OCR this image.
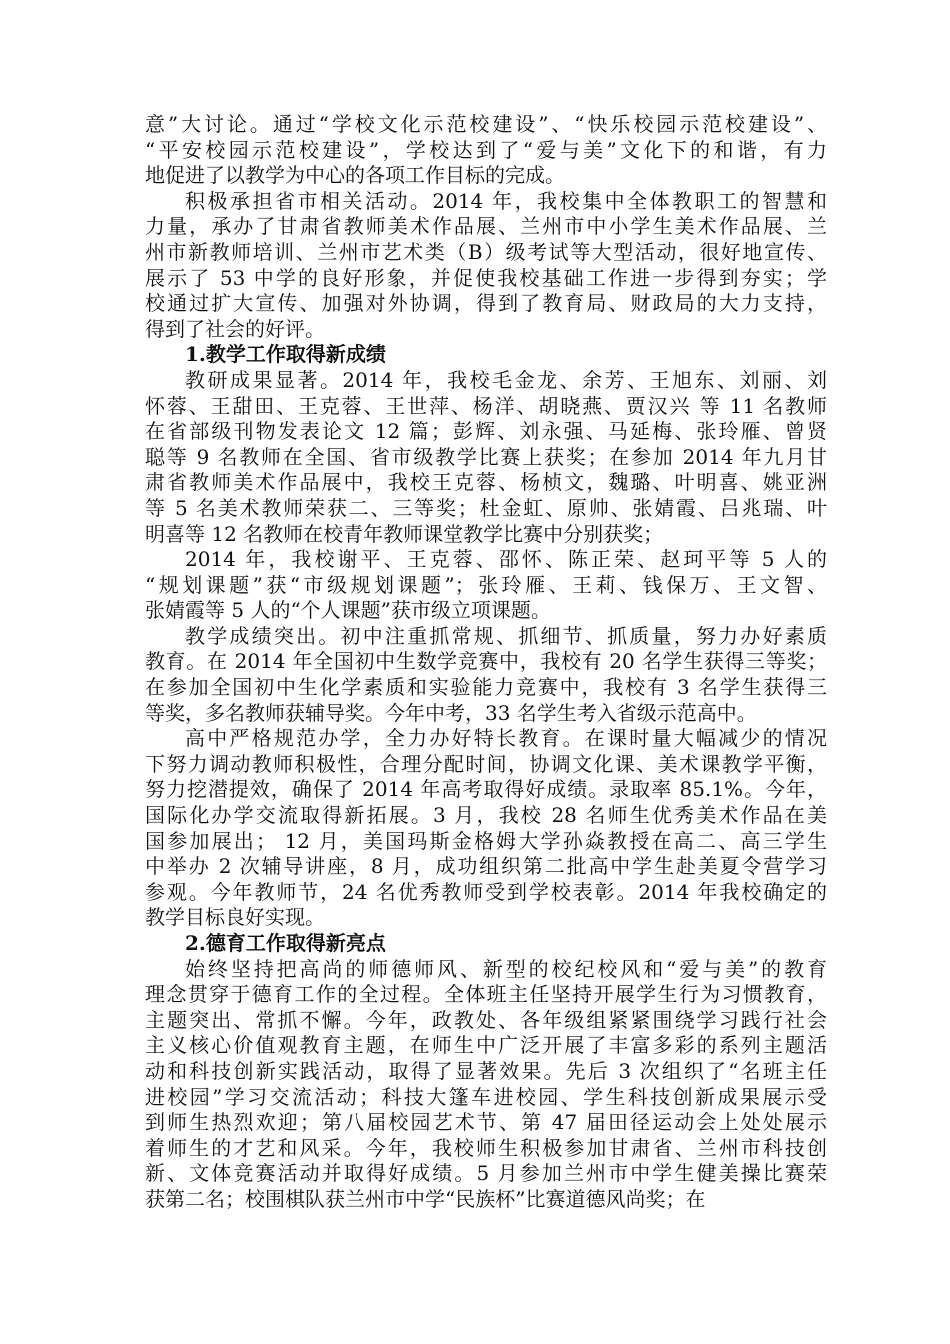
意”大讨论。通过“学校文化示范校建设”、“快乐校园示范校建设”、
“平安校园示范校建设”，学校达到了“爱与美”文化下的和谐，有力
地促进了以教学为中心的各项工作目标的完成。
积极承担省市相关活动。2014 年，我校集中全体教职工的智慧和
力量，承办了甘肃省教师美术作品展、兰州市中小学生美术作品展、兰
州市新教师培训、兰州市艺术类（B）级考试等大型活动，很好地宣传、
展示了 53 中学的良好形象，并促使我校基础工作进一步得到夯实；学
校通过扩大宣传、加强对外协调，得到了教育局、财政局的大力支持，
得到了社会的好评。
1.教学工作取得新成绩
教研成果显著。2014 年，我校毛金龙、余芳、王旭东、刘丽、刘
怀蓉、王甜田、王克蓉、王世萍、杨洋、胡晓燕、贾汉兴 等 11 名教师
在省部级刊物发表论文 12 篇；彭辉、刘永强、马延梅、张玲雁、曾贤
聪等 9 名教师在全国、省市级教学比赛上获奖；在参加 2014 年九月甘
肃省教师美术作品展中，我校王克蓉、杨桢文，魏璐、叶明喜、姚亚洲
等 5 名美术教师荣获二、三等奖；杜金虹、原帅、张婧霞、吕兆瑞、叶
明喜等 12 名教师在校青年教师课堂教学比赛中分别获奖；
2014 年，我校谢平、王克蓉、邵怀、陈正荣、赵珂平等 5 人的
“规划课题”获“市级规划课题”；张玲雁、王莉、钱保万、王文智、
张婧霞等 5 人的“个人课题”获市级立项课题。
教学成绩突出。初中注重抓常规、抓细节、抓质量，努力办好素质
教育。在 2014 年全国初中生数学竞赛中，我校有 20 名学生获得三等奖；
在参加全国初中生化学素质和实验能力竞赛中，我校有 3 名学生获得三
等奖，多名教师获辅导奖。今年中考，33 名学生考入省级示范高中。
高中严格规范办学，全力办好特长教育。在课时量大幅减少的情况
下努力调动教师积极性，合理分配时间，协调文化课、美术课教学平衡，
努力挖潜提效，确保了 2014 年高考取得好成绩。录取率 85.1%。今年，
国际化办学交流取得新拓展。3 月，我校 28 名师生优秀美术作品在美
国参加展出； 12 月，美国玛斯金格姆大学孙焱教授在高二、高三学生
中举办 2 次辅导讲座，8 月，成功组织第二批高中学生赴美夏令营学习
参观。今年教师节，24 名优秀教师受到学校表彰。2014 年我校确定的
教学目标良好实现。
2.德育工作取得新亮点
始终坚持把高尚的师德师风、新型的校纪校风和“爱与美”的教育
理念贯穿于德育工作的全过程。全体班主任坚持开展学生行为习惯教育，
主题突出、常抓不懈。今年，政教处、各年级组紧紧围绕学习践行社会
主义核心价值观教育主题，在师生中广泛开展了丰富多彩的系列主题活
动和科技创新实践活动，取得了显著效果。先后 3 次组织了“名班主任
进校园”学习交流活动；科技大篷车进校园、学生科技创新成果展示受
到师生热烈欢迎；第八届校园艺术节、第 47 届田径运动会上处处展示
着师生的才艺和风采。今年，我校师生积极参加甘肃省、兰州市科技创
新、文体竞赛活动并取得好成绩。5 月参加兰州市中学生健美操比赛荣
获第二名；校围棋队获兰州市中学“民族杯”比赛道德风尚奖；在
